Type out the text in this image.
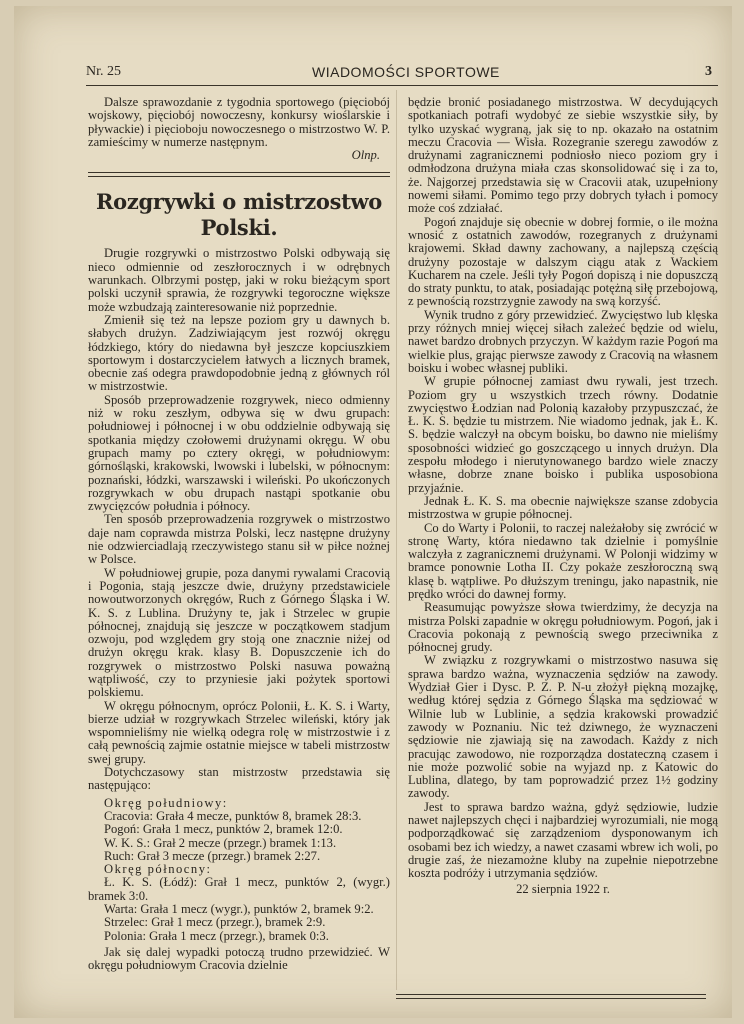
Nr. 25	WIADOMOŚCI SPORTOWE	3

Dalsze sprawozdanie z tygodnia sportowego (pięciobój wojskowy, pięciobój nowoczesny, konkursy wioślarskie i pływackie) i pięcioboju nowoczesnego o mistrzostwo W. P. zamieścimy w numerze następnym.

Olnp.
Rozgrywki o mistrzostwo Polski.

Drugie rozgrywki o mistrzostwo Polski odbywają się nieco odmiennie od zeszłorocznych i w odrębnych warunkach. Olbrzymi postęp, jaki w roku bieżącym sport polski uczynił sprawia, że rozgrywki tegoroczne większe może wzbudzają zainteresowanie niż poprzednie.

Zmienił się też na lepsze poziom gry u dawnych b. słabych drużyn. Zadziwiającym jest rozwój okręgu łódzkiego, który do niedawna był jeszcze kopciuszkiem sportowym i dostarczycielem łatwych a licznych bramek, obecnie zaś odegra prawdopodobnie jedną z głównych ról w mistrzostwie.

Sposób przeprowadzenie rozgrywek, nieco odmienny niż w roku zeszłym, odbywa się w dwu grupach: południowej i północnej i w obu oddzielnie odbywają się spotkania między czołowemi drużynami okręgu. W obu grupach mamy po cztery okręgi, w południowym: górnośląski, krakowski, lwowski i lubelski, w północnym: poznański, łódzki, warszawski i wileński. Po ukończonych rozgrywkach w obu drupach nastąpi spotkanie obu zwycięzców południa i północy.

Ten sposób przeprowadzenia rozgrywek o mistrzostwo daje nam coprawda mistrza Polski, lecz następne drużyny nie odzwierciadlają rzeczywistego stanu sił w piłce nożnej w Polsce.

W południowej grupie, poza danymi rywalami Cracovią i Pogonia, stają jeszcze dwie, drużyny przedstawiciele nowoutworzonych okręgów, Ruch z Górnego Śląska i W. K. S. z Lublina. Drużyny te, jak i Strzelec w grupie północnej, znajdują się jeszcze w początkowem stadjum ozwoju, pod względem gry stoją one znacznie niżej od drużyn okręgu krak. klasy B. Dopuszczenie ich do rozgrywek o mistrzostwo Polski nasuwa poważną wątpliwość, czy to przyniesie jaki pożytek sportowi polskiemu.

W okręgu północnym, oprócz Polonii, Ł. K. S. i Warty, bierze udział w rozgrywkach Strzelec wileński, który jak wspomnieliśmy nie wielką odegra rolę w mistrzostwie i z całą pewnością zajmie ostatnie miejsce w tabeli mistrzostw swej grupy.

Dotychczasowy stan mistrzostw przedstawia się następująco:

Okręg południowy:

Cracovia: Grała 4 mecze, punktów 8, bramek 28:3.

Pogoń: Grała 1 mecz, punktów 2, bramek 12:0.

W. K. S.: Grał 2 mecze (przegr.) bramek 1:13.

Ruch: Grał 3 mecze (przegr.) bramek 2:27.

Okręg północny:

Ł. K. S. (Łódź): Grał 1 mecz, punktów 2, (wygr.) bramek 3:0.

Warta: Grała 1 mecz (wygr.), punktów 2, bramek 9:2.

Strzelec: Grał 1 mecz (przegr.), bramek 2:9.

Polonia: Grała 1 mecz (przegr.), bramek 0:3.

Jak się dalej wypadki potoczą trudno przewidzieć. W okręgu południowym Cracovia dzielnie

będzie bronić posiadanego mistrzostwa. W decydujących spotkaniach potrafi wydobyć ze siebie wszystkie siły, by tylko uzyskać wygraną, jak się to np. okazało na ostatnim meczu Cracovia — Wisła. Rozegranie szeregu zawodów z drużynami zagranicznemi podniosło nieco poziom gry i odmłodzona drużyna miała czas skonsolidować się i za to, że. Najgorzej przedstawia się w Cracovii atak, uzupełniony nowemi siłami. Pomimo tego przy dobrych tyłach i pomocy może coś zdziałać.

Pogoń znajduje się obecnie w dobrej formie, o ile można wnosić z ostatnich zawodów, rozegranych z drużynami krajowemi. Skład dawny zachowany, a najlepszą częścią drużyny pozostaje w dalszym ciągu atak z Wackiem Kucharem na czele. Jeśli tyły Pogoń dopiszą i nie dopuszczą do straty punktu, to atak, posiadając potężną siłę przebojową, z pewnością rozstrzygnie zawody na swą korzyść.

Wynik trudno z góry przewidzieć. Zwycięstwo lub klęska przy różnych mniej więcej siłach zależeć będzie od wielu, nawet bardzo drobnych przyczyn. W każdym razie Pogoń ma wielkie plus, grając pierwsze zawody z Cracovią na własnem boisku i wobec własnej publiki.

W grupie północnej zamiast dwu rywali, jest trzech. Poziom gry u wszystkich trzech równy. Dodatnie zwycięstwo Łodzian nad Polonią kazałoby przypuszczać, że Ł. K. S. będzie tu mistrzem. Nie wiadomo jednak, jak Ł. K. S. będzie walczył na obcym boisku, bo dawno nie mieliśmy sposobności widzieć go goszczącego u innych drużyn. Dla zespołu młodego i nierutynowanego bardzo wiele znaczy własne, dobrze znane boisko i publika usposobiona przyjaźnie.

Jednak Ł. K. S. ma obecnie największe szanse zdobycia mistrzostwa w grupie północnej.

Co do Warty i Polonii, to raczej należałoby się zwrócić w stronę Warty, która niedawno tak dzielnie i pomyślnie walczyła z zagranicznemi drużynami. W Polonji widzimy w bramce ponownie Lotha II. Czy pokaże zeszłoroczną swą klasę b. wątpliwe. Po dłuższym treningu, jako napastnik, nie prędko wróci do dawnej formy.

Reasumując powyższe słowa twierdzimy, że decyzja na mistrza Polski zapadnie w okręgu południowym. Pogoń, jak i Cracovia pokonają z pewnością swego przeciwnika z północnej grudy.

W związku z rozgrywkami o mistrzostwo nasuwa się sprawa bardzo ważna, wyznaczenia sędziów na zawody. Wydział Gier i Dysc. P. Z. P. N-u złożył piękną mozajkę, według której sędzia z Górnego Śląska ma sędziować w Wilnie lub w Lublinie, a sędzia krakowski prowadzić zawody w Poznaniu. Nic też dziwnego, że wyznaczeni sędziowie nie zjawiają się na zawodach. Każdy z nich pracując zawodowo, nie rozporządza dostateczną czasem i nie może pozwolić sobie na wyjazd np. z Katowic do Lublina, dlatego, by tam poprowadzić przez 1½ godziny zawody.

Jest to sprawa bardzo ważna, gdyż sędziowie, ludzie nawet najlepszych chęci i najbardziej wyrozumiali, nie mogą podporządkować się zarządzeniom dysponowanym ich osobami bez ich wiedzy, a nawet czasami wbrew ich woli, po drugie zaś, że niezamożne kluby na zupełnie niepotrzebne koszta podróży i utrzymania sędziów.

22 sierpnia 1922 r.
